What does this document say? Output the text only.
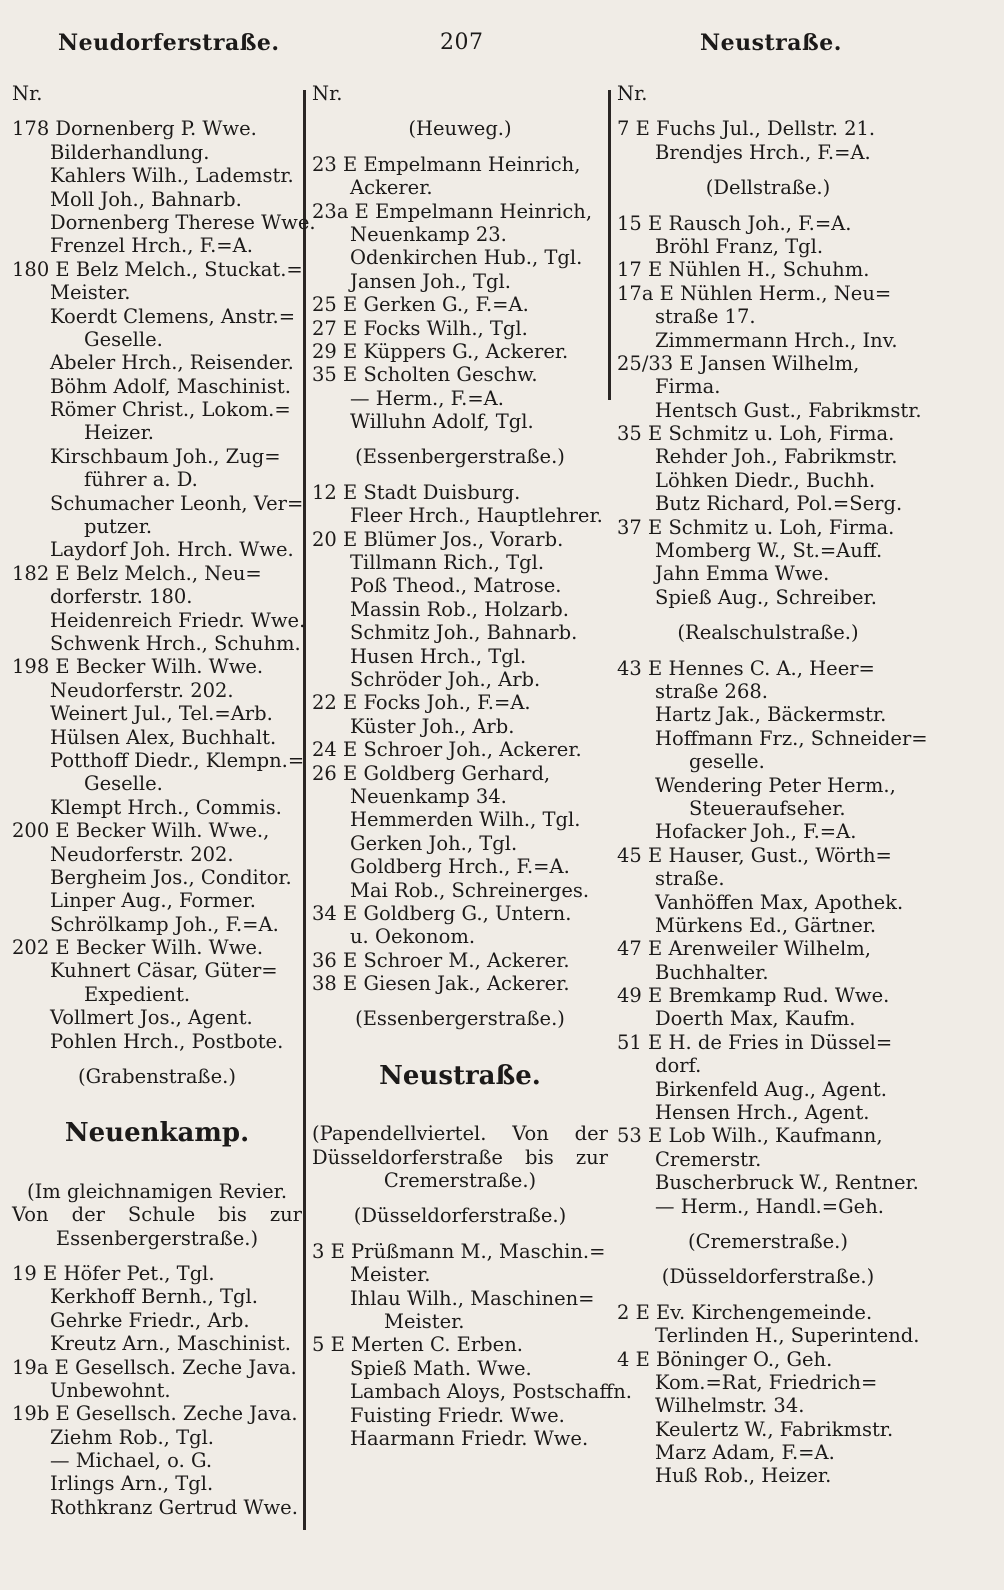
Neudorferstraße.	207	Neustraße.
Nr.
178 Dornenberg P. Wwe.
Bilderhandlung.
Kahlers Wilh., Lademstr.
Moll Joh., Bahnarb.
Dornenberg Therese Wwe.
Frenzel Hrch., F.=A.
180 E Belz Melch., Stuckat.=
Meister.
Koerdt Clemens, Anstr.=
Geselle.
Abeler Hrch., Reisender.
Böhm Adolf, Maschinist.
Römer Christ., Lokom.=
Heizer.
Kirschbaum Joh., Zug=
führer a. D.
Schumacher Leonh, Ver=
putzer.
Laydorf Joh. Hrch. Wwe.
182 E Belz Melch., Neu=
dorferstr. 180.
Heidenreich Friedr. Wwe.
Schwenk Hrch., Schuhm.
198 E Becker Wilh. Wwe.
Neudorferstr. 202.
Weinert Jul., Tel.=Arb.
Hülsen Alex, Buchhalt.
Potthoff Diedr., Klempn.=
Geselle.
Klempt Hrch., Commis.
200 E Becker Wilh. Wwe.,
Neudorferstr. 202.
Bergheim Jos., Conditor.
Linper Aug., Former.
Schrölkamp Joh., F.=A.
202 E Becker Wilh. Wwe.
Kuhnert Cäsar, Güter=
Expedient.
Vollmert Jos., Agent.
Pohlen Hrch., Postbote.
(Grabenstraße.)
Neuenkamp.
(Im gleichnamigen Revier.
Von der Schule bis zur
Essenbergerstraße.)
19 E Höfer Pet., Tgl.
Kerkhoff Bernh., Tgl.
Gehrke Friedr., Arb.
Kreutz Arn., Maschinist.
19a E Gesellsch. Zeche Java.
Unbewohnt.
19b E Gesellsch. Zeche Java.
Ziehm Rob., Tgl.
— Michael, o. G.
Irlings Arn., Tgl.
Rothkranz Gertrud Wwe.
Nr.
(Heuweg.)
23 E Empelmann Heinrich,
Ackerer.
23a E Empelmann Heinrich,
Neuenkamp 23.
Odenkirchen Hub., Tgl.
Jansen Joh., Tgl.
25 E Gerken G., F.=A.
27 E Focks Wilh., Tgl.
29 E Küppers G., Ackerer.
35 E Scholten Geschw.
— Herm., F.=A.
Willuhn Adolf, Tgl.
(Essenbergerstraße.)
12 E Stadt Duisburg.
Fleer Hrch., Hauptlehrer.
20 E Blümer Jos., Vorarb.
Tillmann Rich., Tgl.
Poß Theod., Matrose.
Massin Rob., Holzarb.
Schmitz Joh., Bahnarb.
Husen Hrch., Tgl.
Schröder Joh., Arb.
22 E Focks Joh., F.=A.
Küster Joh., Arb.
24 E Schroer Joh., Ackerer.
26 E Goldberg Gerhard,
Neuenkamp 34.
Hemmerden Wilh., Tgl.
Gerken Joh., Tgl.
Goldberg Hrch., F.=A.
Mai Rob., Schreinerges.
34 E Goldberg G., Untern.
u. Oekonom.
36 E Schroer M., Ackerer.
38 E Giesen Jak., Ackerer.
(Essenbergerstraße.)
Neustraße.
(Papendellviertel. Von der
Düsseldorferstraße bis zur
Cremerstraße.)
(Düsseldorferstraße.)
3 E Prüßmann M., Maschin.=
Meister.
Ihlau Wilh., Maschinen=
Meister.
5 E Merten C. Erben.
Spieß Math. Wwe.
Lambach Aloys, Postschaffn.
Fuisting Friedr. Wwe.
Haarmann Friedr. Wwe.
Nr.
7 E Fuchs Jul., Dellstr. 21.
Brendjes Hrch., F.=A.
(Dellstraße.)
15 E Rausch Joh., F.=A.
Bröhl Franz, Tgl.
17 E Nühlen H., Schuhm.
17a E Nühlen Herm., Neu=
straße 17.
Zimmermann Hrch., Inv.
25/33 E Jansen Wilhelm,
Firma.
Hentsch Gust., Fabrikmstr.
35 E Schmitz u. Loh, Firma.
Rehder Joh., Fabrikmstr.
Löhken Diedr., Buchh.
Butz Richard, Pol.=Serg.
37 E Schmitz u. Loh, Firma.
Momberg W., St.=Auff.
Jahn Emma Wwe.
Spieß Aug., Schreiber.
(Realschulstraße.)
43 E Hennes C. A., Heer=
straße 268.
Hartz Jak., Bäckermstr.
Hoffmann Frz., Schneider=
geselle.
Wendering Peter Herm.,
Steueraufseher.
Hofacker Joh., F.=A.
45 E Hauser, Gust., Wörth=
straße.
Vanhöffen Max, Apothek.
Mürkens Ed., Gärtner.
47 E Arenweiler Wilhelm,
Buchhalter.
49 E Bremkamp Rud. Wwe.
Doerth Max, Kaufm.
51 E H. de Fries in Düssel=
dorf.
Birkenfeld Aug., Agent.
Hensen Hrch., Agent.
53 E Lob Wilh., Kaufmann,
Cremerstr.
Buscherbruck W., Rentner.
— Herm., Handl.=Geh.
(Cremerstraße.)
(Düsseldorferstraße.)
2 E Ev. Kirchengemeinde.
Terlinden H., Superintend.
4 E Böninger O., Geh.
Kom.=Rat, Friedrich=
Wilhelmstr. 34.
Keulertz W., Fabrikmstr.
Marz Adam, F.=A.
Huß Rob., Heizer.
